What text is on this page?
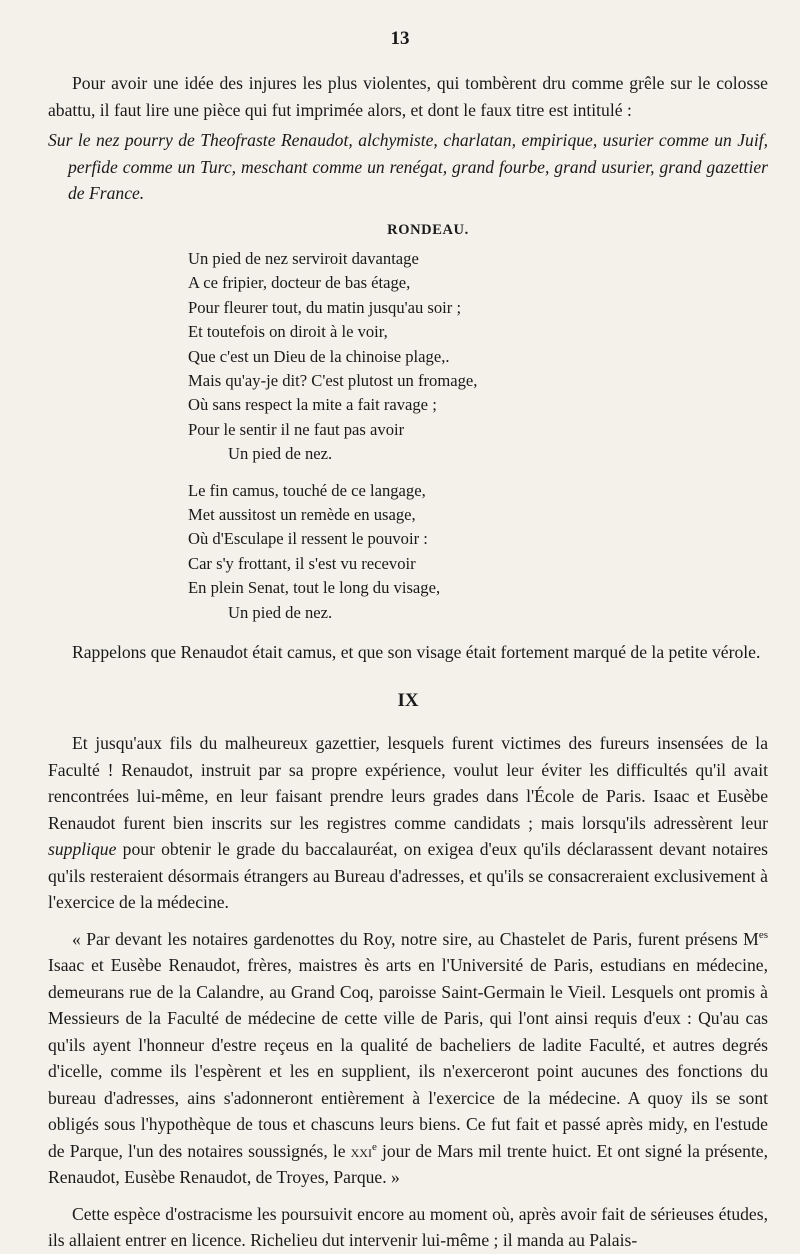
13

Pour avoir une idée des injures les plus violentes, qui tombèrent dru comme grêle sur le colosse abattu, il faut lire une pièce qui fut imprimée alors, et dont le faux titre est intitulé :

Sur le nez pourry de Theofraste Renaudot, alchymiste, charlatan, empirique, usurier comme un Juif, perfide comme un Turc, meschant comme un renégat, grand fourbe, grand usurier, grand gazettier de France.

RONDEAU.
Un pied de nez serviroit davantage
A ce fripier, docteur de bas étage,
Pour fleurer tout, du matin jusqu'au soir ;
Et toutefois on diroit à le voir,
Que c'est un Dieu de la chinoise plage,.
Mais qu'ay-je dit? C'est plutost un fromage,
Où sans respect la mite a fait ravage ;
Pour le sentir il ne faut pas avoir
Un pied de nez.
Le fin camus, touché de ce langage,
Met aussitost un remède en usage,
Où d'Esculape il ressent le pouvoir :
Car s'y frottant, il s'est vu recevoir
En plein Senat, tout le long du visage,
Un pied de nez.

Rappelons que Renaudot était camus, et que son visage était fortement marqué de la petite vérole.

IX

Et jusqu'aux fils du malheureux gazettier, lesquels furent victimes des fureurs insensées de la Faculté ! Renaudot, instruit par sa propre expérience, voulut leur éviter les difficultés qu'il avait rencontrées lui-même, en leur faisant prendre leurs grades dans l'École de Paris. Isaac et Eusèbe Renaudot furent bien inscrits sur les registres comme candidats ; mais lorsqu'ils adressèrent leur supplique pour obtenir le grade du baccalauréat, on exigea d'eux qu'ils déclarassent devant notaires qu'ils resteraient désormais étrangers au Bureau d'adresses, et qu'ils se consacreraient exclusivement à l'exercice de la médecine.

« Par devant les notaires gardenottes du Roy, notre sire, au Chastelet de Paris, furent présens $M^{es}$ Isaac et Eusèbe Renaudot, frères, maistres ès arts en l'Université de Paris, estudians en médecine, demeurans rue de la Calandre, au Grand Coq, paroisse Saint-Germain le Vieil. Lesquels ont promis à Messieurs de la Faculté de médecine de cette ville de Paris, qui l'ont ainsi requis d'eux : Qu'au cas qu'ils ayent l'honneur d'estre reçeus en la qualité de bacheliers de ladite Faculté, et autres degrés d'icelle, comme ils l'espèrent et les en supplient, ils n'exerceront point aucunes des fonctions du bureau d'adresses, ains s'adonneront entièrement à l'exercice de la médecine. A quoy ils se sont obligés sous l'hypothèque de tous et chascuns leurs biens. Ce fut fait et passé après midy, en l'estude de Parque, l'un des notaires soussignés, le xxi$^e$ jour de Mars mil trente huict. Et ont signé la présente, Renaudot, Eusèbe Renaudot, de Troyes, Parque. »

Cette espèce d'ostracisme les poursuivit encore au moment où, après avoir fait de sérieuses études, ils allaient entrer en licence. Richelieu dut intervenir lui-même ; il manda au Palais-
